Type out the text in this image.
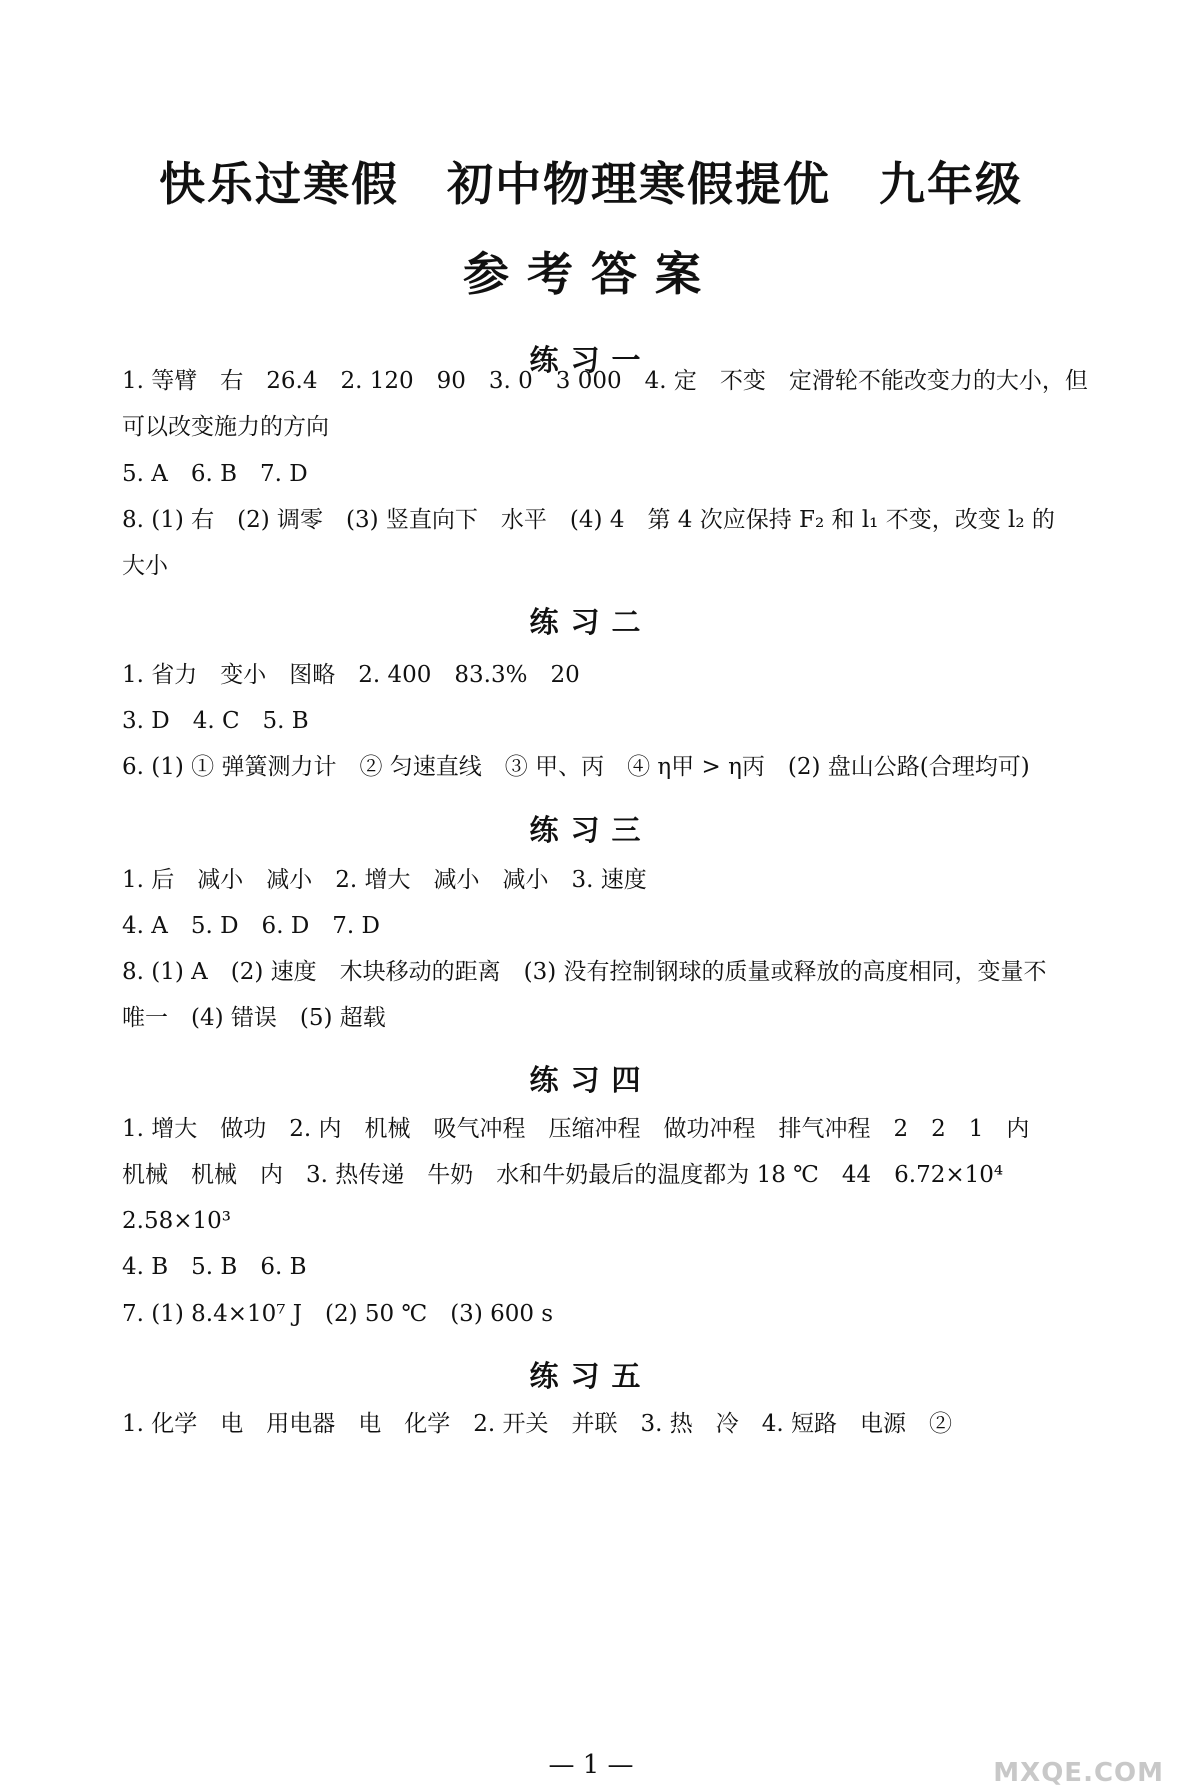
快乐过寒假　初中物理寒假提优　九年级
参考答案
练习一
1. 等臂　右　26.4　2. 120　90　3. 0　3 000　4. 定　不变　定滑轮不能改变力的大小，但
可以改变施力的方向
5. A　6. B　7. D
8. (1) 右　(2) 调零　(3) 竖直向下　水平　(4) 4　第 4 次应保持 F₂ 和 l₁ 不变，改变 l₂ 的
大小
练习二
1. 省力　变小　图略　2. 400　83.3%　20
3. D　4. C　5. B
6. (1) ① 弹簧测力计　② 匀速直线　③ 甲、丙　④ η甲 > η丙　(2) 盘山公路(合理均可)
练习三
1. 后　减小　减小　2. 增大　减小　减小　3. 速度
4. A　5. D　6. D　7. D
8. (1) A　(2) 速度　木块移动的距离　(3) 没有控制钢球的质量或释放的高度相同，变量不
唯一　(4) 错误　(5) 超载
练习四
1. 增大　做功　2. 内　机械　吸气冲程　压缩冲程　做功冲程　排气冲程　2　2　1　内
机械　机械　内　3. 热传递　牛奶　水和牛奶最后的温度都为 18 ℃　44　6.72×10⁴
2.58×10³
4. B　5. B　6. B
7. (1) 8.4×10⁷ J　(2) 50 ℃　(3) 600 s
练习五
1. 化学　电　用电器　电　化学　2. 开关　并联　3. 热　冷　4. 短路　电源　②
— 1 —	MXQE.COM
